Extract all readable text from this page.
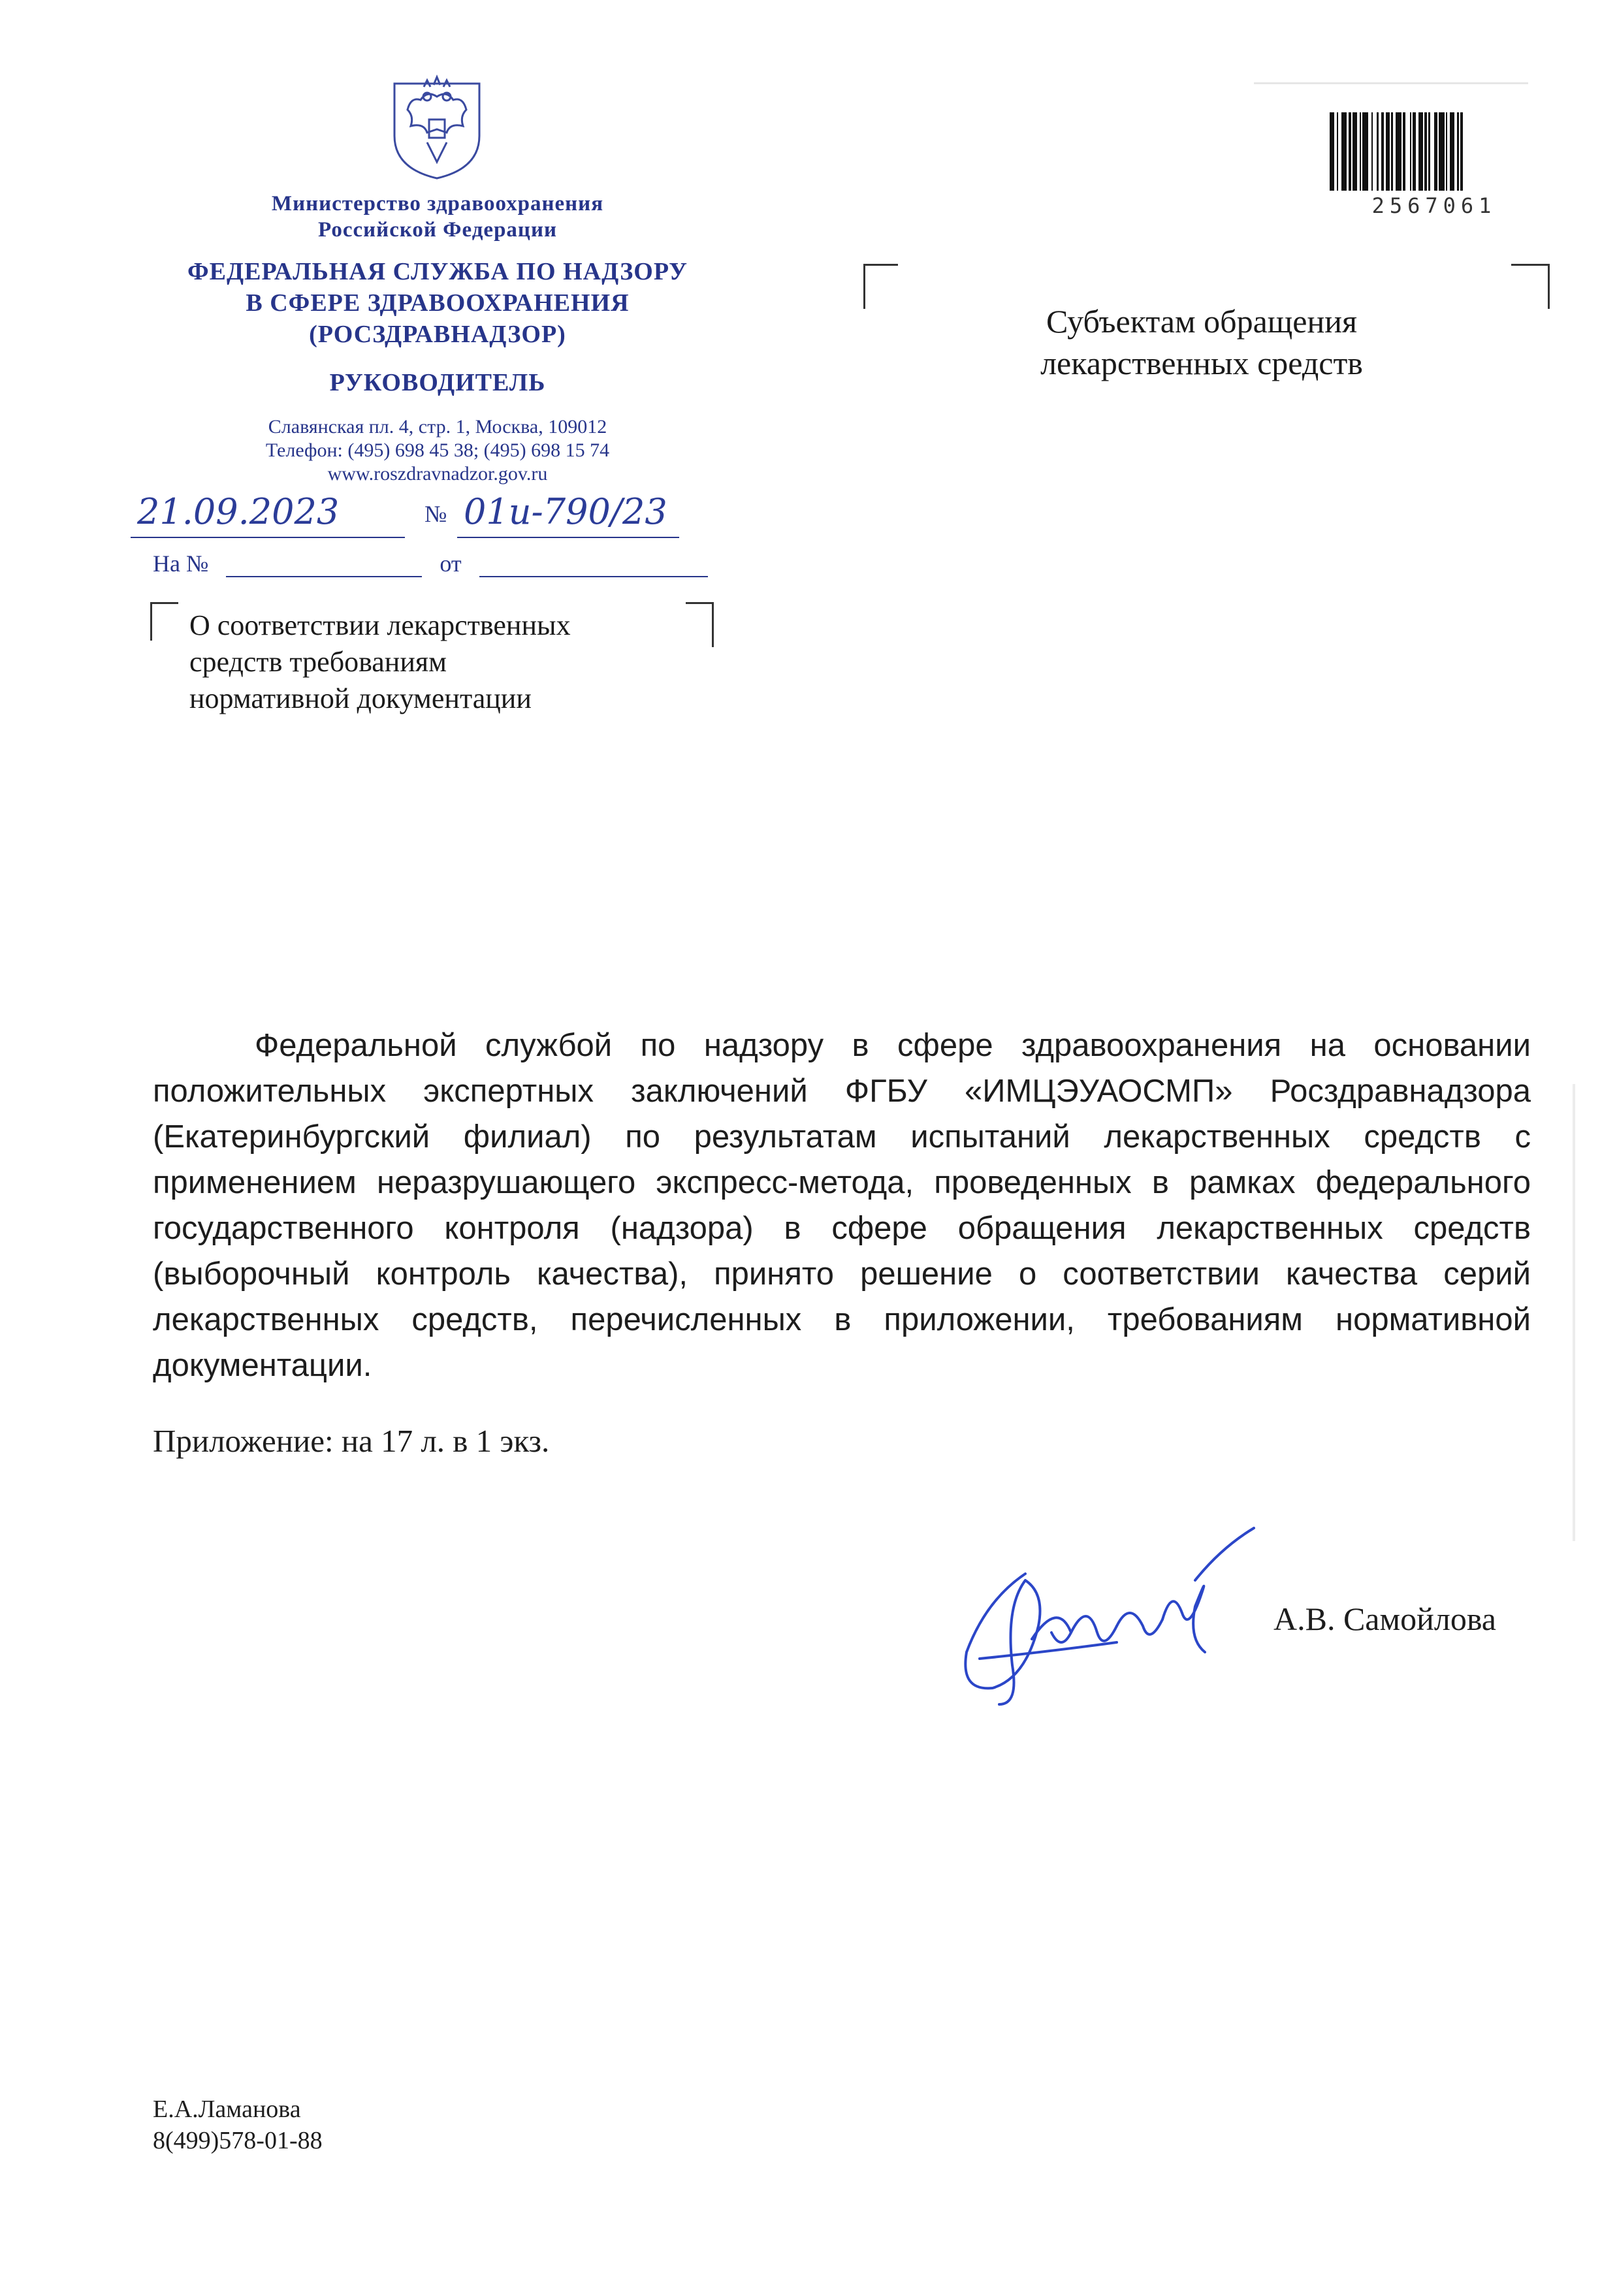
Министерство здравоохранения
Российской Федерации
ФЕДЕРАЛЬНАЯ СЛУЖБА ПО НАДЗОРУ
В СФЕРЕ ЗДРАВООХРАНЕНИЯ
(РОСЗДРАВНАДЗОР)
РУКОВОДИТЕЛЬ
Славянская пл. 4, стр. 1, Москва, 109012
Телефон: (495) 698 45 38; (495) 698 15 74
www.roszdravnadzor.gov.ru
21.09.2023	№ 01и-790/23
На №	от
О соответствии лекарственных
средств требованиям
нормативной документации
Субъектам обращения
лекарственных средств
2567061
Федеральной службой по надзору в сфере здравоохранения на основании положительных экспертных заключений ФГБУ «ИМЦЭУАОСМП» Росздравнадзора (Екатеринбургский филиал) по результатам испытаний лекарственных средств с применением неразрушающего экспресс-метода, проведенных в рамках федерального государственного контроля (надзора) в сфере обращения лекарственных средств (выборочный контроль качества), принято решение о соответствии качества серий лекарственных средств, перечисленных в приложении, требованиям нормативной документации.
Приложение: на 17 л. в 1 экз.
А.В. Самойлова
Е.А.Ламанова
8(499)578-01-88
